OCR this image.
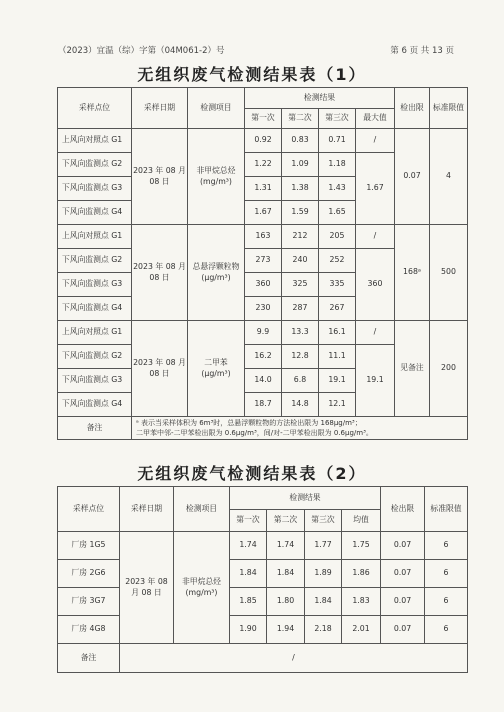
（2023）宜温（综）字第（04M061-2）号	第 6 页 共 13 页
无组织废气检测结果表（1）
采样点位	采样日期	检测项目	检测结果				检出限	标准限值
			第一次	第二次	第三次	最大值		
上风向对照点 G1	2023 年 08 月 08 日	非甲烷总烃 (mg/m³)	0.92	0.83	0.71	/	0.07	4
下风向监测点 G2			1.22	1.09	1.18	1.67		
下风向监测点 G3			1.31	1.38	1.43			
下风向监测点 G4			1.67	1.59	1.65			
上风向对照点 G1	2023 年 08 月 08 日	总悬浮颗粒物 (μg/m³)	163	212	205	/	168ᵃ	500
下风向监测点 G2			273	240	252	360		
下风向监测点 G3			360	325	335			
下风向监测点 G4			230	287	267			
上风向对照点 G1	2023 年 08 月 08 日	二甲苯 (μg/m³)	9.9	13.3	16.1	/	见备注	200
下风向监测点 G2			16.2	12.8	11.1	19.1		
下风向监测点 G3			14.0	6.8	19.1			
下风向监测点 G4			18.7	14.8	12.1			
备注	ᵃ 表示当采样体积为 6m³时，总悬浮颗粒物的方法检出限为 168μg/m³；
二甲苯中邻-二甲苯检出限为 0.6μg/m³，间/对-二甲苯检出限为 0.6μg/m³。							
无组织废气检测结果表（2）
采样点位	采样日期	检测项目	检测结果				检出限	标准限值
			第一次	第二次	第三次	均值		
厂房 1G5	2023 年 08 月 08 日	非甲烷总烃 (mg/m³)	1.74	1.74	1.77	1.75	0.07	6
厂房 2G6			1.84	1.84	1.89	1.86	0.07	6
厂房 3G7			1.85	1.80	1.84	1.83	0.07	6
厂房 4G8			1.90	1.94	2.18	2.01	0.07	6
备注	/							
